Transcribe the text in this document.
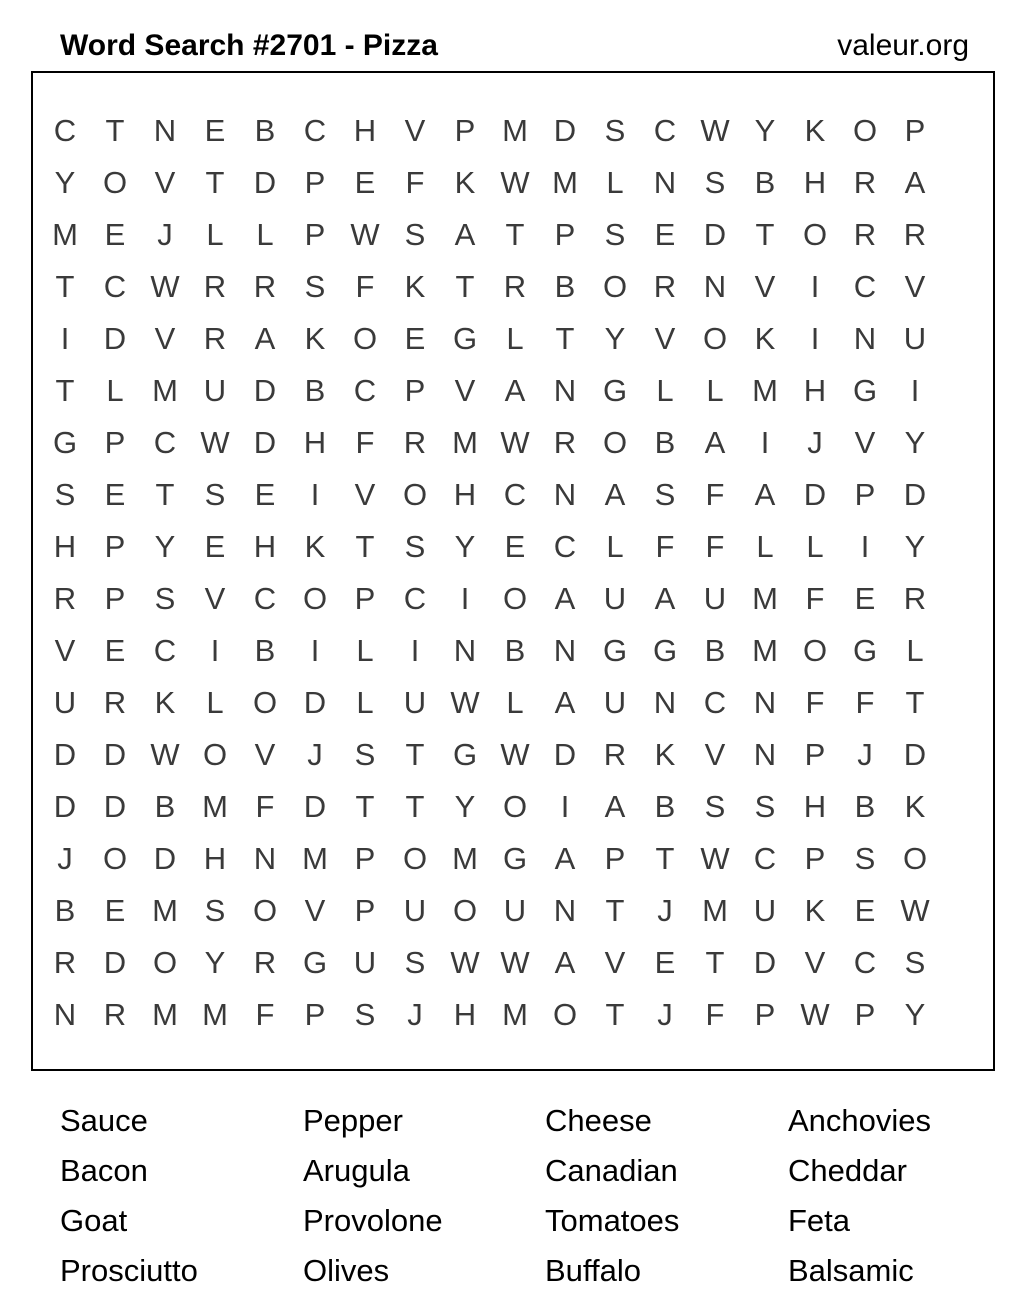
Word Search #2701 - Pizza	valeur.org
C T N E B C H V P M D S C W Y K O P
Y O V T D P E F K W M L N S B H R A
M E	J	L	L	P W S A T P S E D T O R R
T C W R R S F K T R B O R N V	I	C V
I	D V R A K O E G L	T Y V O K	I	N U
T	L M U D B C P V A N G L	L M H G	I
G P C W D H F R M W R O B A	I	J	V Y
S E T S E	I	V O H C N A S F A D P D
H P Y E H K T S Y E C L	F	F	L	L	I	Y
R P S V C O P C	I	O A U A U M F E R
V E C	I	B	I	L	I	N B N G G B M O G L
U R K	L O D L U W L	A U N C N F	F	T
D D W O V	J	S T G W D R K V N P	J	D
D D B M F D T	T Y O	I	A B S S H B K
J O D H N M P O M G A P T W C P S O
B E M S O V P U O U N T	J M U K E W
R D O Y R G U S W W A V E T D V C S
N R M M F P S	J	H M O T	J	F P W P Y
Sauce	Pepper	Cheese	Anchovies
Bacon	Arugula	Canadian	Cheddar
Goat	Provolone	Tomatoes	Feta
Prosciutto	Olives	Buffalo	Balsamic
